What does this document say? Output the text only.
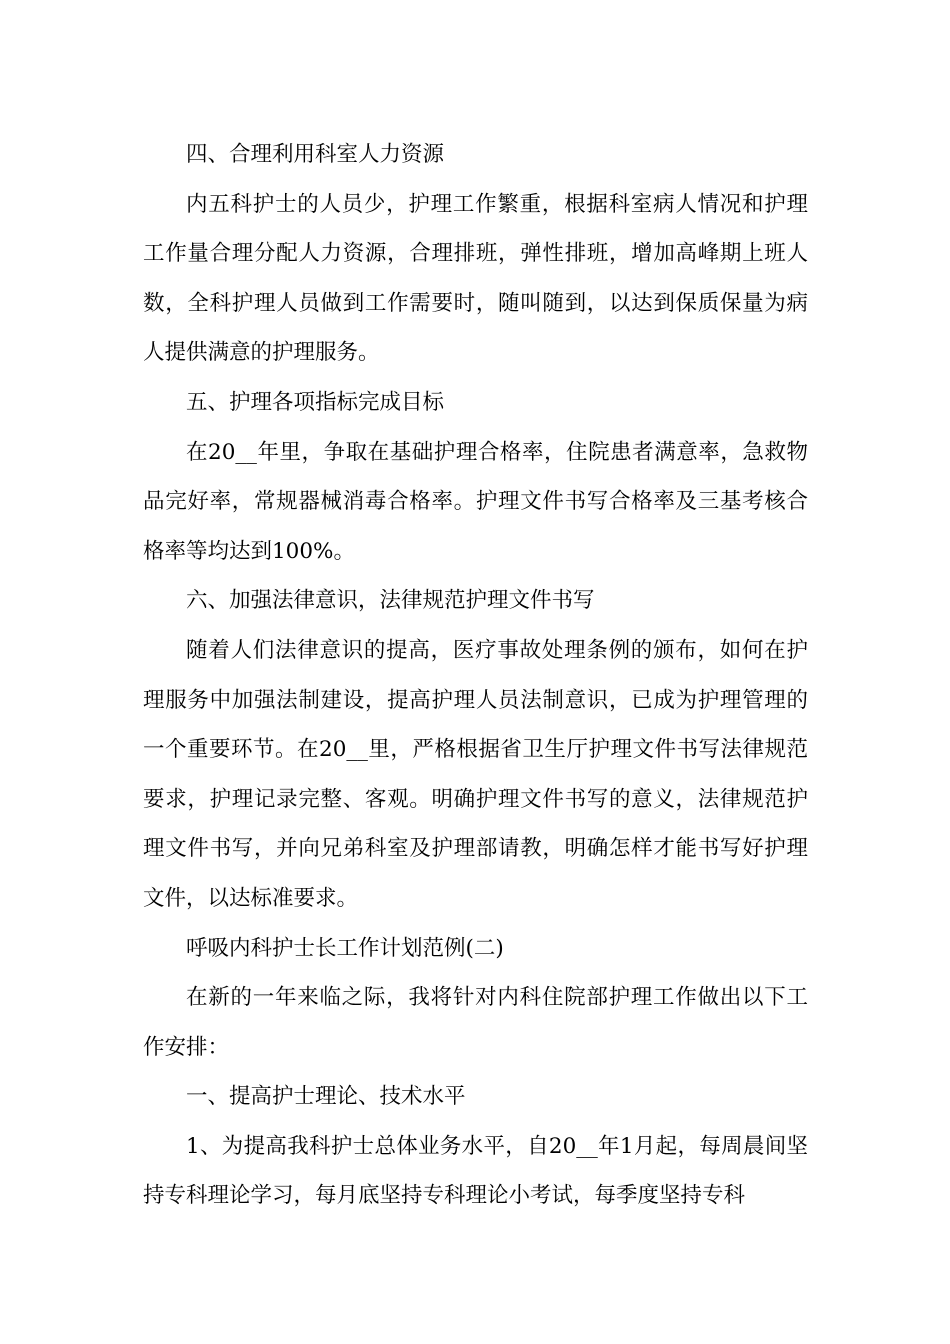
四、合理利用科室人力资源

内五科护士的人员少，护理工作繁重，根据科室病人情况和护理工作量合理分配人力资源，合理排班，弹性排班，增加高峰期上班人数，全科护理人员做到工作需要时，随叫随到，以达到保质保量为病人提供满意的护理服务。

五、护理各项指标完成目标

在20__年里，争取在基础护理合格率，住院患者满意率，急救物品完好率，常规器械消毒合格率。护理文件书写合格率及三基考核合格率等均达到100%。

六、加强法律意识，法律规范护理文件书写

随着人们法律意识的提高，医疗事故处理条例的颁布，如何在护理服务中加强法制建设，提高护理人员法制意识，已成为护理管理的一个重要环节。在20__里，严格根据省卫生厅护理文件书写法律规范要求，护理记录完整、客观。明确护理文件书写的意义，法律规范护理文件书写，并向兄弟科室及护理部请教，明确怎样才能书写好护理文件，以达标准要求。

呼吸内科护士长工作计划范例(二)

在新的一年来临之际，我将针对内科住院部护理工作做出以下工作安排：

一、提高护士理论、技术水平

1、为提高我科护士总体业务水平，自20__年1月起，每周晨间坚持专科理论学习，每月底坚持专科理论小考试，每季度坚持专科
